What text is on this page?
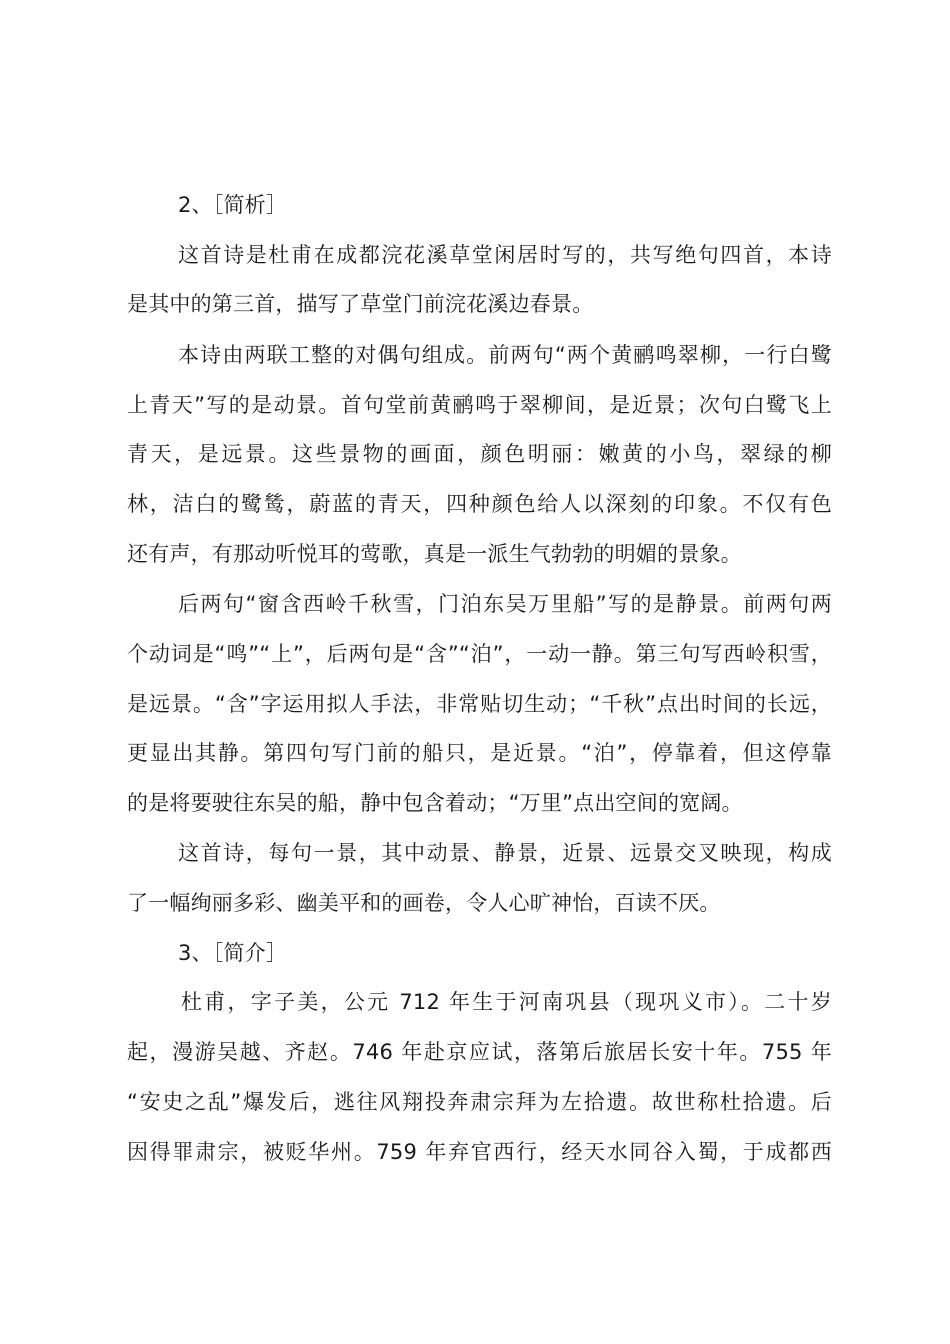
2、［简析］
这首诗是杜甫在成都浣花溪草堂闲居时写的，共写绝句四首，本诗
是其中的第三首，描写了草堂门前浣花溪边春景。
本诗由两联工整的对偶句组成。前两句“两个黄鹂鸣翠柳，一行白鹭
上青天”写的是动景。首句堂前黄鹂鸣于翠柳间，是近景；次句白鹭飞上
青天，是远景。这些景物的画面，颜色明丽：嫩黄的小鸟，翠绿的柳
林，洁白的鹭鸶，蔚蓝的青天，四种颜色给人以深刻的印象。不仅有色
还有声，有那动听悦耳的莺歌，真是一派生气勃勃的明媚的景象。
后两句“窗含西岭千秋雪，门泊东吴万里船”写的是静景。前两句两
个动词是“鸣”“上”，后两句是“含”“泊”，一动一静。第三句写西岭积雪，
是远景。“含”字运用拟人手法，非常贴切生动；“千秋”点出时间的长远，
更显出其静。第四句写门前的船只，是近景。“泊”，停靠着，但这停靠
的是将要驶往东吴的船，静中包含着动；“万里”点出空间的宽阔。
这首诗，每句一景，其中动景、静景，近景、远景交叉映现，构成
了一幅绚丽多彩、幽美平和的画卷，令人心旷神怡，百读不厌。
3、［简介］
杜甫，字子美，公元 712 年生于河南巩县（现巩义市）。二十岁
起，漫游吴越、齐赵。746 年赴京应试，落第后旅居长安十年。755 年
“安史之乱”爆发后，逃往风翔投奔肃宗拜为左拾遗。故世称杜拾遗。后
因得罪肃宗，被贬华州。759 年弃官西行，经天水同谷入蜀，于成都西
